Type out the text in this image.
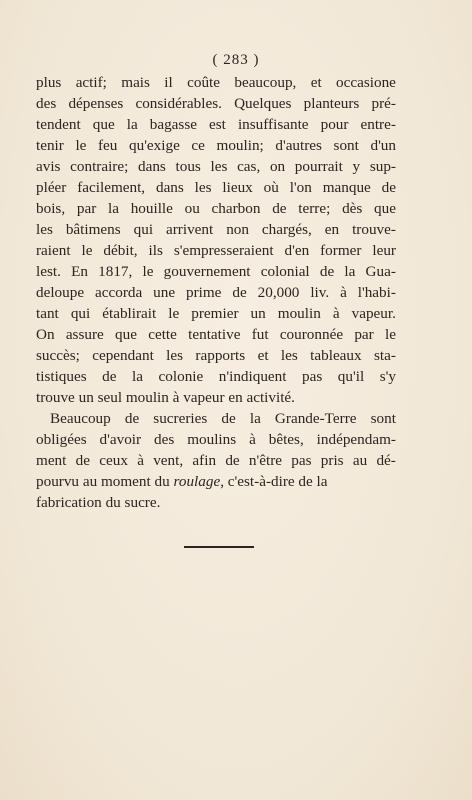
( 283 )
plus actif; mais il coûte beaucoup, et occasione
des dépenses considérables. Quelques planteurs pré-
tendent que la bagasse est insuffisante pour entre-
tenir le feu qu'exige ce moulin; d'autres sont d'un
avis contraire; dans tous les cas, on pourrait y sup-
pléer facilement, dans les lieux où l'on manque de
bois, par la houille ou charbon de terre; dès que
les bâtimens qui arrivent non chargés, en trouve-
raient le débit, ils s'empresseraient d'en former leur
lest. En 1817, le gouvernement colonial de la Gua-
deloupe accorda une prime de 20,000 liv. à l'habi-
tant qui établirait le premier un moulin à vapeur.
On assure que cette tentative fut couronnée par le
succès; cependant les rapports et les tableaux sta-
tistiques de la colonie n'indiquent pas qu'il s'y
trouve un seul moulin à vapeur en activité.
Beaucoup de sucreries de la Grande-Terre sont
obligées d'avoir des moulins à bêtes, indépendam-
ment de ceux à vent, afin de n'être pas pris au dé-
pourvu au moment du roulage , c'est-à-dire de la
fabrication du sucre.
